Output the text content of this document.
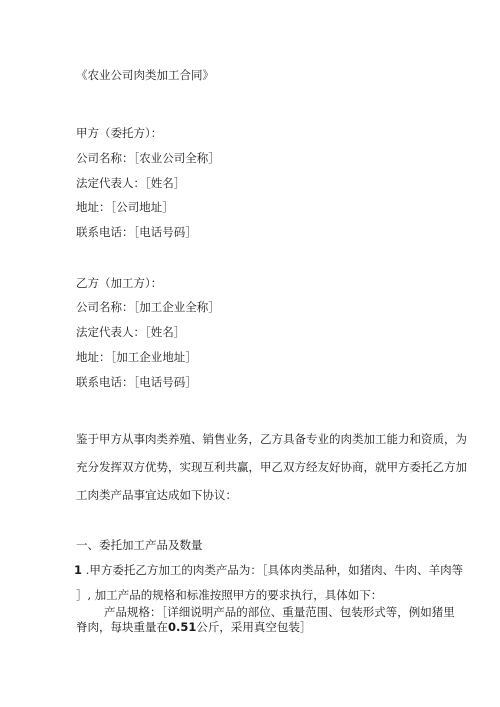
《农业公司肉类加工合同》
甲方（委托方）：
公司名称：［农业公司全称］
法定代表人：［姓名］
地址：［公司地址］
联系电话：［电话号码］
乙方（加工方）：
公司名称：［加工企业全称］
法定代表人：［姓名］
地址：［加工企业地址］
联系电话：［电话号码］
鉴于甲方从事肉类养殖、销售业务，乙方具备专业的肉类加工能力和资质，为
充分发挥双方优势，实现互利共赢，甲乙双方经友好协商，就甲方委托乙方加
工肉类产品事宜达成如下协议：
一、委托加工产品及数量
1 .甲方委托乙方加工的肉类产品为：［具体肉类品种，如猪肉、牛肉、羊肉等
］, 加工产品的规格和标准按照甲方的要求执行，具体如下：
产品规格：［详细说明产品的部位、重量范围、包装形式等，例如猪里
脊肉，每块重量在0.51公斤，采用真空包装］
